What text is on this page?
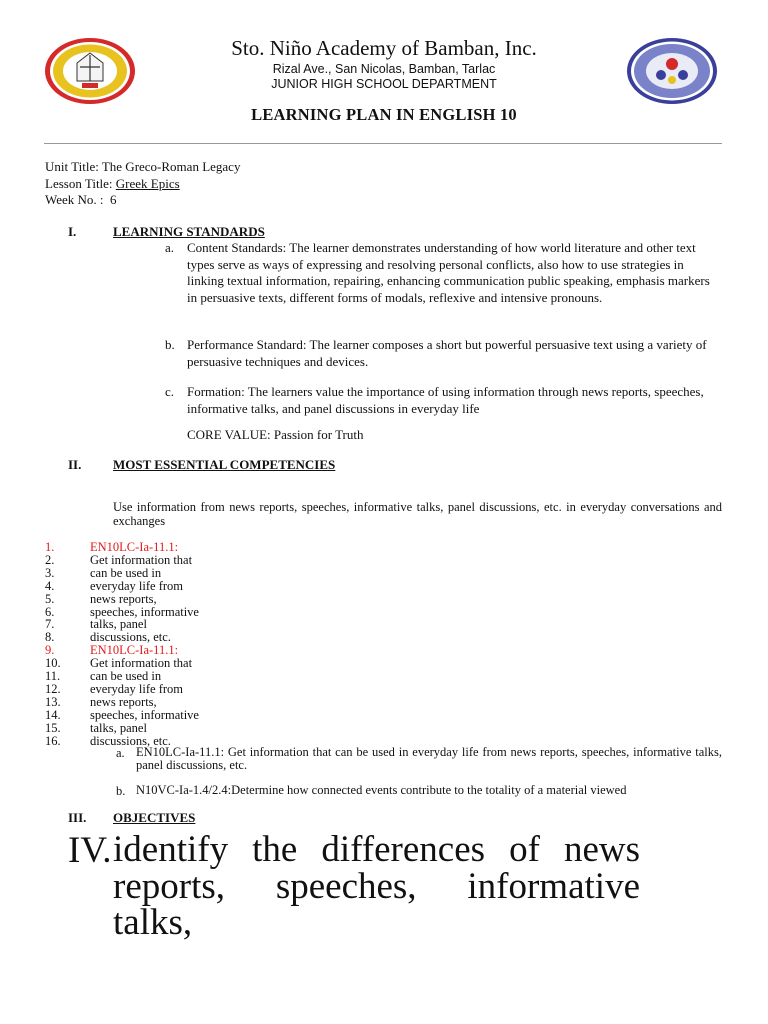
Sto. Niño Academy of Bamban, Inc.
Rizal Ave., San Nicolas, Bamban, Tarlac
JUNIOR HIGH SCHOOL DEPARTMENT
LEARNING PLAN IN ENGLISH 10
Unit Title: The Greco-Roman Legacy
Lesson Title: Greek Epics
Week No. : 6
I.	LEARNING STANDARDS
a. Content Standards: The learner demonstrates understanding of how world literature and other text types serve as ways of expressing and resolving personal conflicts, also how to use strategies in linking textual information, repairing, enhancing communication public speaking, emphasis markers in persuasive texts, different forms of modals, reflexive and intensive pronouns.
b. Performance Standard: The learner composes a short but powerful persuasive text using a variety of persuasive techniques and devices.
c. Formation: The learners value the importance of using information through news reports, speeches, informative talks, and panel discussions in everyday life
CORE VALUE: Passion for Truth
II. MOST ESSENTIAL COMPETENCIES
Use information from news reports, speeches, informative talks, panel discussions, etc. in everyday conversations and exchanges
1.	EN10LC-Ia-11.1:
2.	Get information that
3.	can be used in
4.	everyday life from
5.	news reports,
6.	speeches, informative
7.	talks, panel
8.	discussions, etc.
9.	EN10LC-Ia-11.1:
10. Get information that
11. can be used in
12. everyday life from
13. news reports,
14. speeches, informative
15. talks, panel
16. discussions, etc.
a. EN10LC-Ia-11.1: Get information that can be used in everyday life from news reports, speeches, informative talks, panel discussions, etc.
b. N10VC-Ia-1.4/2.4:Determine how connected events contribute to the totality of a material viewed
III. OBJECTIVES
IV. identify the differences of news reports, speeches, informative talks,
